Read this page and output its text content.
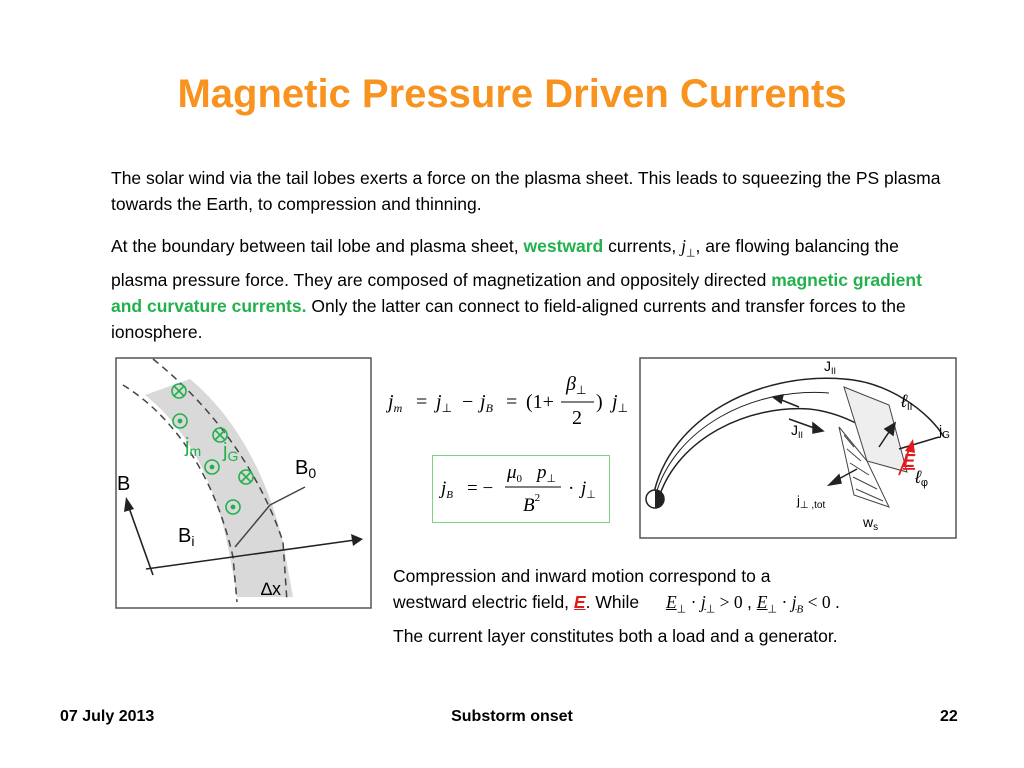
Magnetic Pressure Driven Currents
The solar wind via the tail lobes exerts a force on the plasma sheet. This leads to squeezing the PS plasma towards the Earth, to compression and thinning.
At the boundary between tail lobe and plasma sheet, westward currents, $j_\perp$, are flowing balancing the plasma pressure force. They are composed of magnetization and oppositely directed magnetic gradient and curvature currents. Only the latter can connect to field-aligned currents and transfer forces to the ionosphere.
$j_m$ $j_G$
B
$B_0$
$B_i$
∆x
$j_m = j_\perp - j_B = (1+$
$\beta_\perp$
2
) $j_\perp$
$j_B$ = −
$\mu_0$ $p_\perp$
$B^2 \cdot j_\perp$
$J_{II}$
$J_{II}$
ℓII
$j_G$
E
ℓφ
$j_{\perp ,tot}$
$w_s$
Compression and inward motion correspond to a
westward electric field, E. While $E_\perp \cdot j_\perp > 0$ , $E_\perp \cdot j_B < 0$ .
The current layer constitutes both a load and a generator.
07 July 2013	Substorm onset	22
